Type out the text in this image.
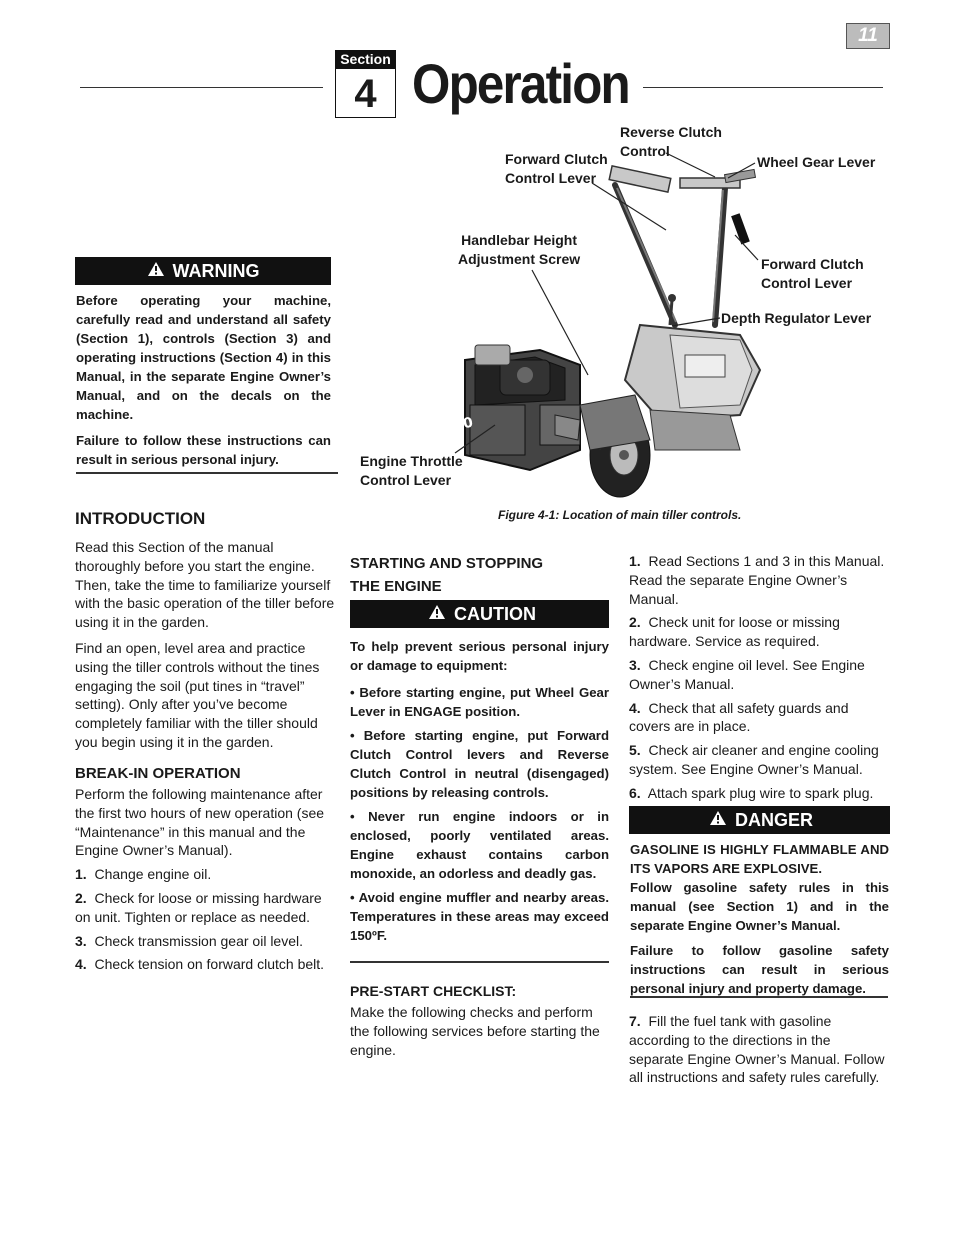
11
Section
4 Operation
20
Reverse Clutch
Control
Forward Clutch
Control Lever
Wheel Gear Lever
Handlebar Height
Adjustment Screw	Forward Clutch
Control Lever
Depth Regulator Lever
Engine Throttle
Control Lever
Figure 4-1: Location of main tiller controls.
WARNING

Before operating your machine, carefully read and understand all safety (Section 1), controls (Section 3) and operating instructions (Section 4) in this Manual, in the separate Engine Owner’s Manual, and on the decals on the machine.

Failure to follow these instructions can result in serious personal injury.

INTRODUCTION

Read this Section of the manual thoroughly before you start the engine. Then, take the time to familiarize yourself with the basic operation of the tiller before using it in the garden.

Find an open, level area and practice using the tiller controls without the tines engaging the soil (put tines in “travel” setting). Only after you’ve become completely familiar with the tiller should you begin using it in the garden.

BREAK-IN OPERATION

Perform the following maintenance after the first two hours of new operation (see “Maintenance” in this manual and the Engine Owner’s Manual).

1. Change engine oil.

2. Check for loose or missing hardware on unit. Tighten or replace as needed.

3. Check transmission gear oil level.

4. Check tension on forward clutch belt.

STARTING AND STOPPING
THE ENGINE
CAUTION

To help prevent serious personal injury or damage to equipment:

• Before starting engine, put Wheel Gear Lever in ENGAGE position.

• Before starting engine, put Forward Clutch Control levers and Reverse Clutch Control in neutral (disengaged) positions by releasing controls.

• Never run engine indoors or in enclosed, poorly ventilated areas. Engine exhaust contains carbon monoxide, an odorless and deadly gas.

• Avoid engine muffler and nearby areas. Temperatures in these areas may exceed 150ºF.

PRE-START CHECKLIST:
Make the following checks and perform the following services before starting the engine.

1. Read Sections 1 and 3 in this Manual. Read the separate Engine Owner’s Manual.

2. Check unit for loose or missing hardware. Service as required.

3. Check engine oil level. See Engine Owner’s Manual.

4. Check that all safety guards and covers are in place.

5. Check air cleaner and engine cooling system. See Engine Owner’s Manual.

6. Attach spark plug wire to spark plug.

DANGER

GASOLINE IS HIGHLY FLAMMABLE AND ITS VAPORS ARE EXPLOSIVE.

Follow gasoline safety rules in this manual (see Section 1) and in the separate Engine Owner’s Manual.

Failure to follow gasoline safety instructions can result in serious personal injury and property damage.

7. Fill the fuel tank with gasoline according to the directions in the separate Engine Owner’s Manual. Follow all instructions and safety rules carefully.
